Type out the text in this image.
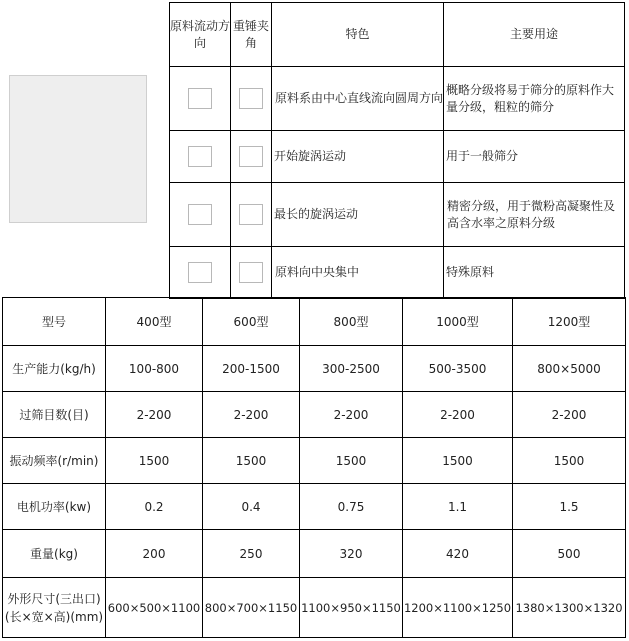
原料流动方向	重锤夹角	特色	主要用途
		原料系由中心直线流向圆周方向	概略分级将易于筛分的原料作大量分级，粗粒的筛分
		开始旋涡运动	用于一般筛分
		最长的旋涡运动	精密分级，用于微粉高凝聚性及高含水率之原料分级
		原料向中央集中	特殊原料
型号	400型	600型	800型	1000型	1200型
生产能力(kg/h)	100-800	200-1500	300-2500	500-3500	800×5000
过筛目数(目)	2-200	2-200	2-200	2-200	2-200
振动频率(r/min)	1500	1500	1500	1500	1500
电机功率(kw)	0.2	0.4	0.75	1.1	1.5
重量(kg)	200	250	320	420	500
外形尺寸(三出口)(长×宽×高)(mm)	600×500×1100	800×700×1150	1100×950×1150	1200×1100×1250	1380×1300×1320
